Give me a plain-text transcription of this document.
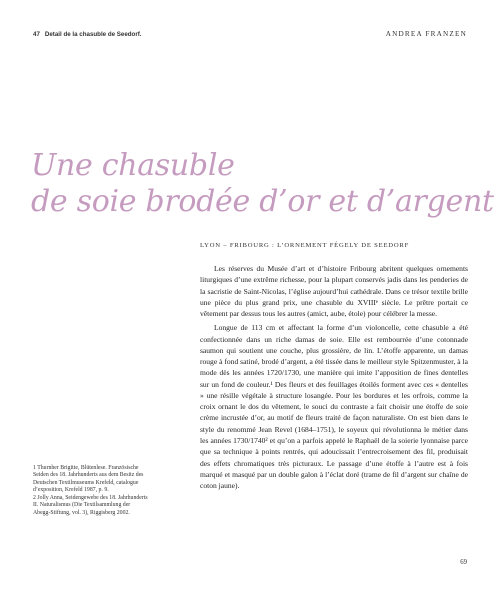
47 Detail de la chasuble de Seedorf.	ANDREA FRANZEN
Une chasuble
de soie brodée d’or et d’argent
LYON – FRIBOURG : L’ORNEMENT FÉGELY DE SEEDORF

Les réserves du Musée d’art et d’histoire Fribourg abritent quelques ornements liturgiques d’une extrême richesse, pour la plupart conservés jadis dans les penderies de la sacristie de Saint-Nicolas, l’église aujourd’hui cathédrale. Dans ce trésor textile brille une pièce du plus grand prix, une chasuble du XVIIIᵉ siècle. Le prêtre portait ce vêtement par dessus tous les autres (amict, aube, étole) pour célébrer la messe.

Longue de 113 cm et affectant la forme d’un violoncelle, cette chasuble a été confectionnée dans un riche damas de soie. Elle est rembourrée d’une cotonnade saumon qui soutient une couche, plus grossière, de lin. L’étoffe apparente, un damas rouge à fond satiné, brodé d’argent, a été tissée dans le meilleur style Spitzenmuster, à la mode dès les années 1720/1730, une manière qui imite l’apposition de fines dentelles sur un fond de couleur.¹ Des fleurs et des feuillages étoilés forment avec ces « dentelles » une résille végétale à structure losangée. Pour les bordures et les orfrois, comme la croix ornant le dos du vêtement, le souci du contraste a fait choisir une étoffe de soie crème incrustée d’or, au motif de fleurs traité de façon naturaliste. On est bien dans le style du renommé Jean Revel (1684–1751), le soyeux qui révolutionna le métier dans les années 1730/1740² et qu’on a parfois appelé le Raphaël de la soierie lyonnaise parce que sa technique à points rentrés, qui adoucissait l’entrecroisement des fil, produisait des effets chromatiques très picturaux. Le passage d’une étoffe à l’autre est à fois marqué et masqué par un double galon à l’éclat doré (trame de fil d’argent sur chaîne de coton jaune).

1 Thurnher Brigitte, Blütenlese. Französische Seiden des 18. Jahrhunderts aus dem Besitz des Deutschen Textilmuseums Krefeld, catalogue d’exposition, Krefeld 1987, p. 9.

2 Jolly Anna, Seidengewebe des 18. Jahrhunderts II. Naturalismus (Die Textilsammlung der Abegg-Stiftung, vol. 3), Riggisberg 2002.

69
